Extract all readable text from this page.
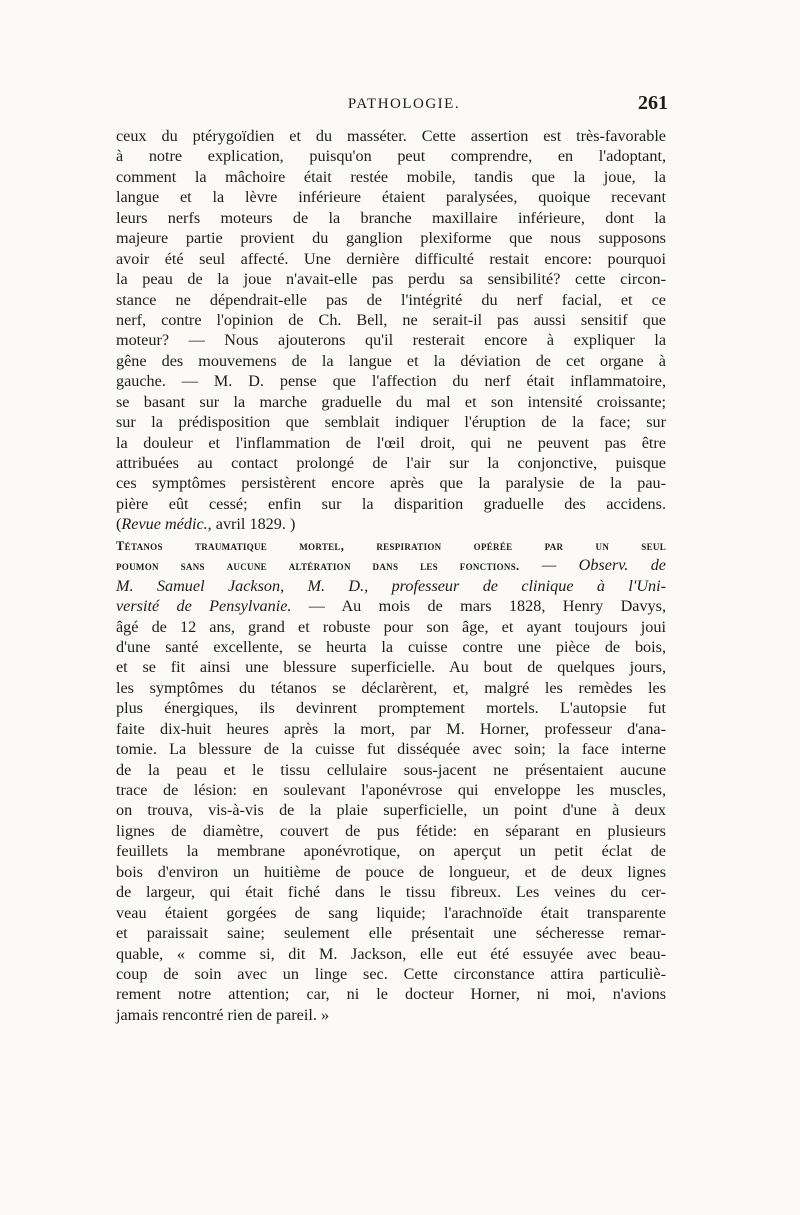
PATHOLOGIE.	261
ceux du ptérygoïdien et du masséter. Cette assertion est très-favorable
à notre explication, puisqu'on peut comprendre, en l'adoptant,
comment la mâchoire était restée mobile, tandis que la joue, la
langue et la lèvre inférieure étaient paralysées, quoique recevant
leurs nerfs moteurs de la branche maxillaire inférieure, dont la
majeure partie provient du ganglion plexiforme que nous supposons
avoir été seul affecté. Une dernière difficulté restait encore: pourquoi
la peau de la joue n'avait-elle pas perdu sa sensibilité? cette circon-
stance ne dépendrait-elle pas de l'intégrité du nerf facial, et ce
nerf, contre l'opinion de Ch. Bell, ne serait-il pas aussi sensitif que
moteur? — Nous ajouterons qu'il resterait encore à expliquer la
gêne des mouvemens de la langue et la déviation de cet organe à
gauche. — M. D. pense que l'affection du nerf était inflammatoire,
se basant sur la marche graduelle du mal et son intensité croissante;
sur la prédisposition que semblait indiquer l'éruption de la face; sur
la douleur et l'inflammation de l'œil droit, qui ne peuvent pas être
attribuées au contact prolongé de l'air sur la conjonctive, puisque
ces symptômes persistèrent encore après que la paralysie de la pau-
pière eût cessé; enfin sur la disparition graduelle des accidens.
(Revue médic., avril 1829. )
Tétanos traumatique mortel, respiration opérée par un seul
poumon sans aucune altération dans les fonctions. — Observ. de
M. Samuel Jackson, M. D., professeur de clinique à l'Uni-
versité de Pensylvanie. — Au mois de mars 1828, Henry Davys,
âgé de 12 ans, grand et robuste pour son âge, et ayant toujours joui
d'une santé excellente, se heurta la cuisse contre une pièce de bois,
et se fit ainsi une blessure superficielle. Au bout de quelques jours,
les symptômes du tétanos se déclarèrent, et, malgré les remèdes les
plus énergiques, ils devinrent promptement mortels. L'autopsie fut
faite dix-huit heures après la mort, par M. Horner, professeur d'ana-
tomie. La blessure de la cuisse fut disséquée avec soin; la face interne
de la peau et le tissu cellulaire sous-jacent ne présentaient aucune
trace de lésion: en soulevant l'aponévrose qui enveloppe les muscles,
on trouva, vis-à-vis de la plaie superficielle, un point d'une à deux
lignes de diamètre, couvert de pus fétide: en séparant en plusieurs
feuillets la membrane aponévrotique, on aperçut un petit éclat de
bois d'environ un huitième de pouce de longueur, et de deux lignes
de largeur, qui était fiché dans le tissu fibreux. Les veines du cer-
veau étaient gorgées de sang liquide; l'arachnoïde était transparente
et paraissait saine; seulement elle présentait une sécheresse remar-
quable, « comme si, dit M. Jackson, elle eut été essuyée avec beau-
coup de soin avec un linge sec. Cette circonstance attira particuliè-
rement notre attention; car, ni le docteur Horner, ni moi, n'avions
jamais rencontré rien de pareil. »
